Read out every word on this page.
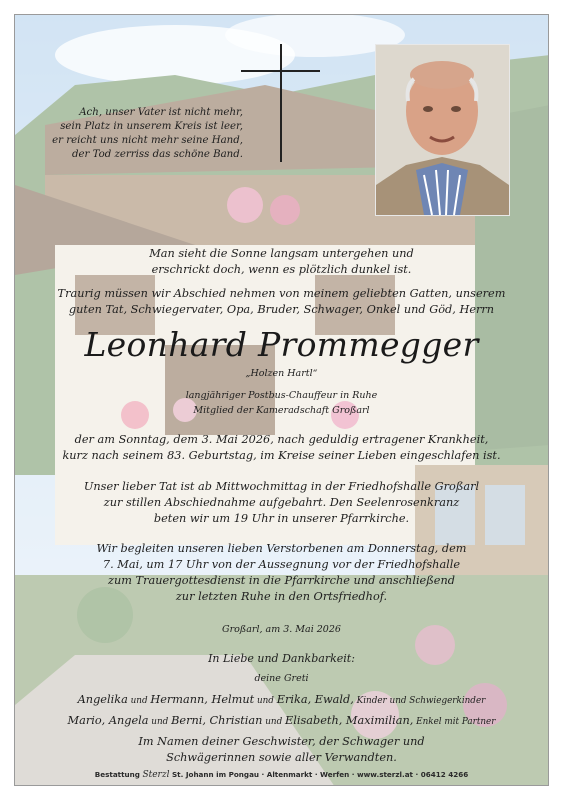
Ach, unser Vater ist nicht mehr,
sein Platz in unserem Kreis ist leer,
er reicht uns nicht mehr seine Hand,
der Tod zerriss das schöne Band.
Man sieht die Sonne langsam untergehen und
erschrickt doch, wenn es plötzlich dunkel ist.
Traurig müssen wir Abschied nehmen von meinem geliebten Gatten, unserem
guten Tat, Schwiegervater, Opa, Bruder, Schwager, Onkel und Göd, Herrn
Leonhard Prommegger
„Holzen Hartl“
langjähriger Postbus-Chauffeur in Ruhe
Mitglied der Kameradschaft Großarl
der am Sonntag, dem 3. Mai 2026, nach geduldig ertragener Krankheit,
kurz nach seinem 83. Geburtstag, im Kreise seiner Lieben eingeschlafen ist.
Unser lieber Tat ist ab Mittwochmittag in der Friedhofshalle Großarl
zur stillen Abschiednahme aufgebahrt. Den Seelenrosenkranz
beten wir um 19 Uhr in unserer Pfarrkirche.
Wir begleiten unseren lieben Verstorbenen am Donnerstag, dem
7. Mai, um 17 Uhr von der Aussegnung vor der Friedhofshalle
zum Trauergottesdienst in die Pfarrkirche und anschließend
zur letzten Ruhe in den Ortsfriedhof.
Großarl, am 3. Mai 2026
In Liebe und Dankbarkeit:
deine Greti
Angelika und Hermann, Helmut und Erika, Ewald, Kinder und Schwiegerkinder
Mario, Angela und Berni, Christian und Elisabeth, Maximilian, Enkel mit Partner
Im Namen deiner Geschwister, der Schwager und
Schwägerinnen sowie aller Verwandten.
Bestattung Sterzl St. Johann im Pongau · Altenmarkt · Werfen · www.sterzl.at · 06412 4266
